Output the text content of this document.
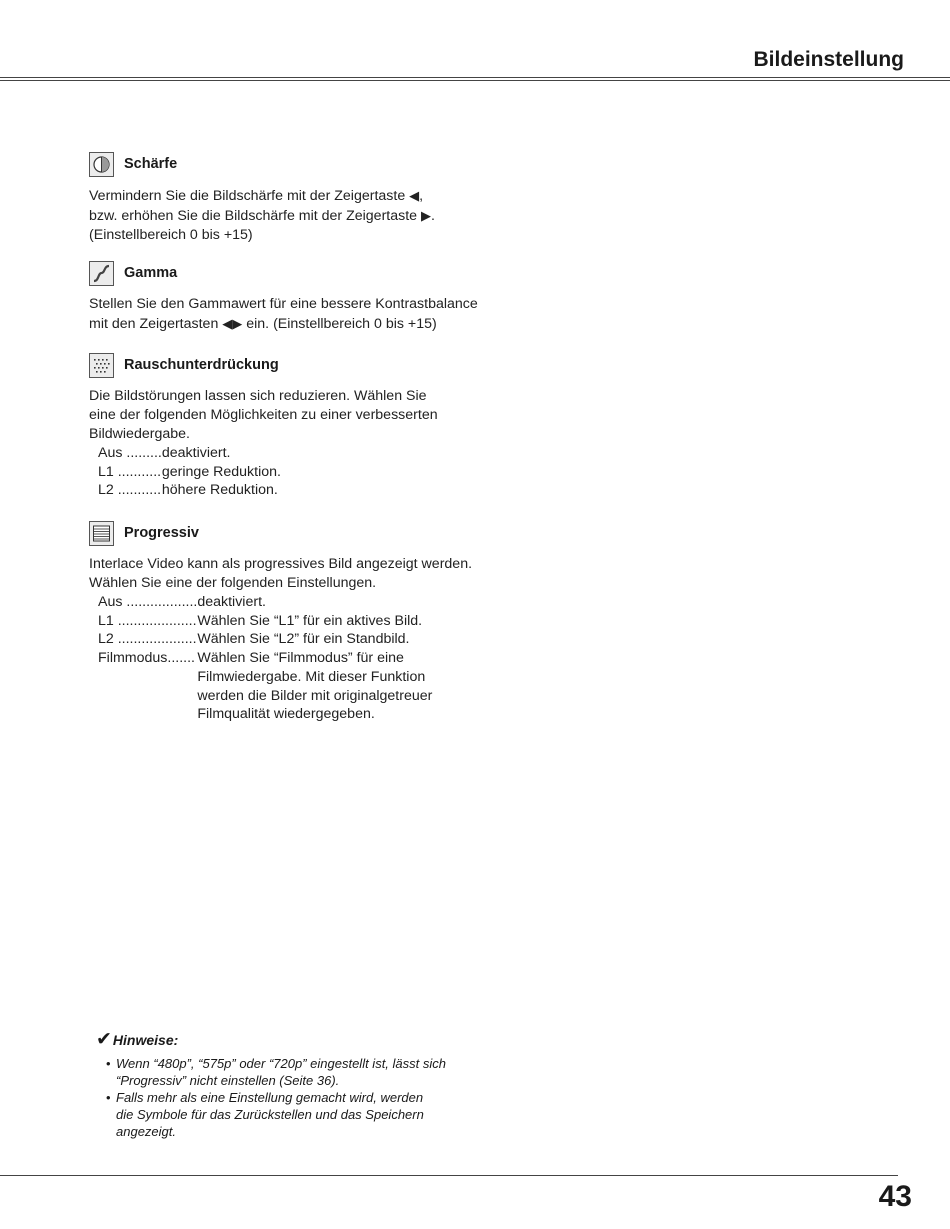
Bildeinstellung
Schärfe

Vermindern Sie die Bildschärfe mit der Zeigertaste ◀,

bzw. erhöhen Sie die Bildschärfe mit der Zeigertaste ▶.

(Einstellbereich 0 bis +15)

Gamma

Stellen Sie den Gammawert für eine bessere Kontrastbalance

mit den Zeigertasten ◀▶ ein. (Einstellbereich 0 bis +15)

Rauschunterdrückung

Die Bildstörungen lassen sich reduzieren. Wählen Sie

eine der folgenden Möglichkeiten zu einer verbesserten

Bildwiedergabe.

Aus .........	deaktiviert.
L1 ...........	geringe Reduktion.
L2 ...........	höhere Reduktion.
Progressiv

Interlace Video kann als progressives Bild angezeigt werden.

Wählen Sie eine der folgenden Einstellungen.

Aus ..................	deaktiviert.
L1 ....................	Wählen Sie “L1” für ein aktives Bild.
L2 ....................	Wählen Sie “L2” für ein Standbild.
Filmmodus.......	Wählen Sie “Filmmodus” für eine
Filmwiedergabe. Mit dieser Funktion
werden die Bilder mit originalgetreuer
Filmqualität wiedergegeben.
✔ Hinweise:
• Wenn “480p”, “575p” oder “720p” eingestellt ist, lässt sich
“Progressiv” nicht einstellen (Seite 36).
• Falls mehr als eine Einstellung gemacht wird, werden
die Symbole für das Zurückstellen und das Speichern
angezeigt.
43
